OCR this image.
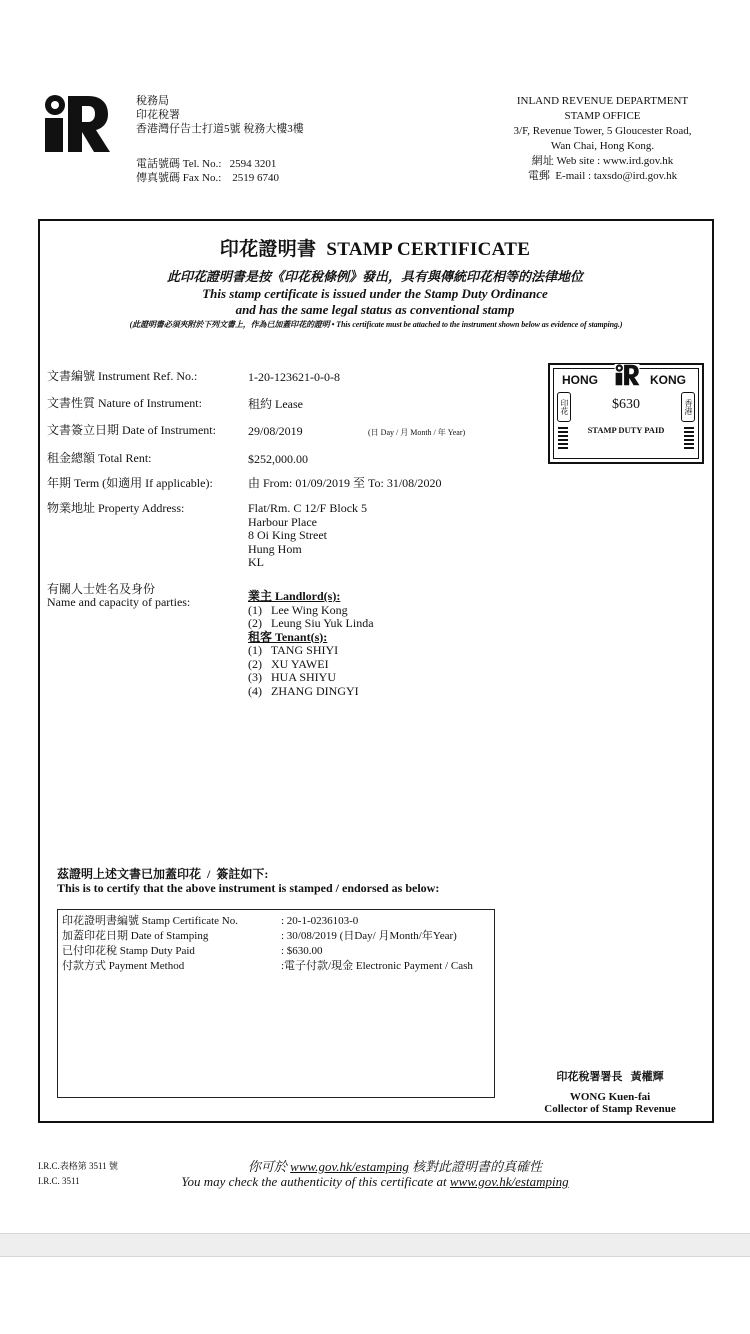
稅務局
印花稅署
香港灣仔告士打道5號 稅務大樓3樓
電話號碼 Tel. No.:   2594 3201
傳真號碼 Fax No.:    2519 6740
INLAND REVENUE DEPARTMENT
STAMP OFFICE
3/F, Revenue Tower, 5 Gloucester Road,
Wan Chai, Hong Kong.
網址 Web site : www.ird.gov.hk
電郵  E-mail : taxsdo@ird.gov.hk
印花證明書  STAMP CERTIFICATE
此印花證明書是按《印花稅條例》發出，具有與傳統印花相等的法律地位
This stamp certificate is issued under the Stamp Duty Ordinance
and has the same legal status as conventional stamp
(此證明書必須夾附於下列文書上，作為已加蓋印花的證明 • This certificate must be attached to the instrument shown below as evidence of stamping.)
文書編號 Instrument Ref. No.:	1-20-123621-0-0-8
文書性質 Nature of Instrument:	租約 Lease
文書簽立日期 Date of Instrument:	29/08/2019	(日 Day / 月 Month / 年 Year)
租金總額 Total Rent:	$252,000.00
年期 Term (如適用 If applicable):	由 From: 01/09/2019 至 To: 31/08/2020
物業地址 Property Address:	Flat/Rm. C 12/F Block 5
Harbour Place
8 Oi King Street
Hung Hom
KL
有關人士姓名及身份
Name and capacity of parties:	業主 Landlord(s):
(1)   Lee Wing Kong
(2)   Leung Siu Yuk Linda
租客 Tenant(s):
(1)   TANG SHIYI
(2)   XU YAWEI
(3)   HUA SHIYU
(4)   ZHANG DINGYI
HONG	KONG
$630
STAMP DUTY PAID
印花	香港
茲證明上述文書已加蓋印花  /  簽註如下:
This is to certify that the above instrument is stamped / endorsed as below:
印花證明書編號 Stamp Certificate No.	: 20-1-0236103-0
加蓋印花日期 Date of Stamping	: 30/08/2019 (日Day/ 月Month/年Year)
已付印花稅 Stamp Duty Paid	: $630.00
付款方式 Payment Method	:電子付款/現金 Electronic Payment / Cash
印花稅署署長   黃權輝
WONG Kuen-fai
Collector of Stamp Revenue
I.R.C.表格第 3511 號
I.R.C. 3511
你可於 www.gov.hk/estamping 核對此證明書的真確性
You may check the authenticity of this certificate at www.gov.hk/estamping
